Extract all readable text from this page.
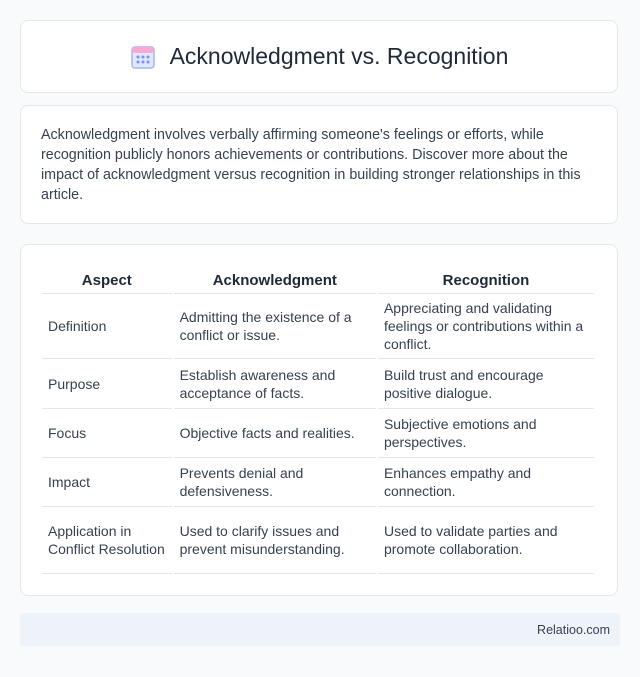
Acknowledgment vs. Recognition

Acknowledgment involves verbally affirming someone's feelings or efforts, while recognition publicly honors achievements or contributions. Discover more about the impact of acknowledgment versus recognition in building stronger relationships in this article.

Aspect	Acknowledgment	Recognition
Definition	Admitting the existence of a conflict or issue.	Appreciating and validating feelings or contributions within a conflict.
Purpose	Establish awareness and acceptance of facts.	Build trust and encourage positive dialogue.
Focus	Objective facts and realities.	Subjective emotions and perspectives.
Impact	Prevents denial and defensiveness.	Enhances empathy and connection.
Application in Conflict Resolution	Used to clarify issues and prevent misunderstanding.	Used to validate parties and promote collaboration.
Relatioo.com
